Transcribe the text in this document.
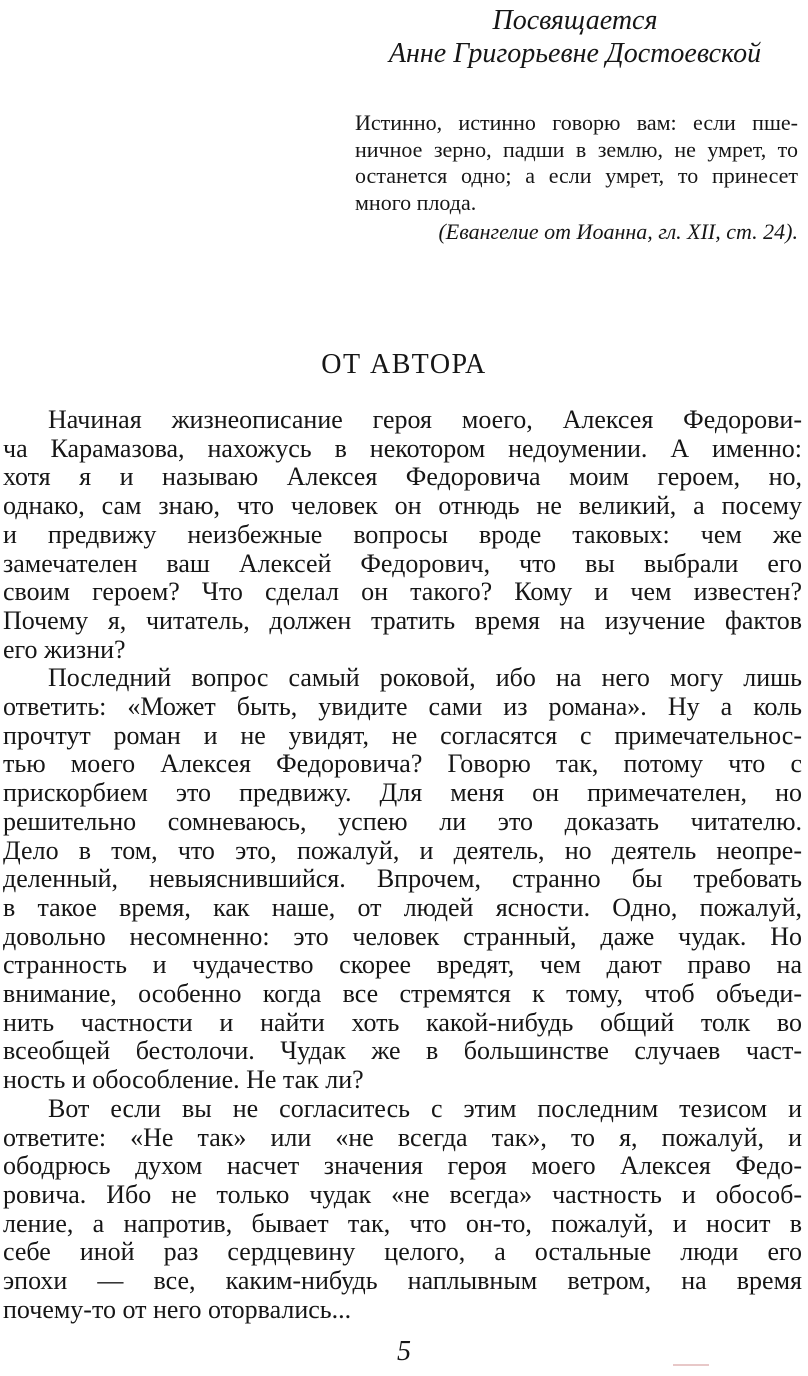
Посвящается
Анне Григорьевне Достоевской
Истинно, истинно говорю вам: если пше-
ничное зерно, падши в землю, не умрет, то
останется одно; а если умрет, то принесет
много плода.
(Евангелие от Иоанна, гл. XII, ст. 24).
ОТ АВТОРА
Начиная жизнеописание героя моего, Алексея Федорови-
ча Карамазова, нахожусь в некотором недоумении. А именно:
хотя я и называю Алексея Федоровича моим героем, но,
однако, сам знаю, что человек он отнюдь не великий, а посему
и предвижу неизбежные вопросы вроде таковых: чем же
замечателен ваш Алексей Федорович, что вы выбрали его
своим героем? Что сделал он такого? Кому и чем известен?
Почему я, читатель, должен тратить время на изучение фактов
его жизни?
Последний вопрос самый роковой, ибо на него могу лишь
ответить: «Может быть, увидите сами из романа». Ну а коль
прочтут роман и не увидят, не согласятся с примечательнос-
тью моего Алексея Федоровича? Говорю так, потому что с
прискорбием это предвижу. Для меня он примечателен, но
решительно сомневаюсь, успею ли это доказать читателю.
Дело в том, что это, пожалуй, и деятель, но деятель неопре-
деленный, невыяснившийся. Впрочем, странно бы требовать
в такое время, как наше, от людей ясности. Одно, пожалуй,
довольно несомненно: это человек странный, даже чудак. Но
странность и чудачество скорее вредят, чем дают право на
внимание, особенно когда все стремятся к тому, чтоб объеди-
нить частности и найти хоть какой-нибудь общий толк во
всеобщей бестолочи. Чудак же в большинстве случаев част-
ность и обособление. Не так ли?
Вот если вы не согласитесь с этим последним тезисом и
ответите: «Не так» или «не всегда так», то я, пожалуй, и
ободрюсь духом насчет значения героя моего Алексея Федо-
ровича. Ибо не только чудак «не всегда» частность и обособ-
ление, а напротив, бывает так, что он-то, пожалуй, и носит в
себе иной раз сердцевину целого, а остальные люди его
эпохи — все, каким-нибудь наплывным ветром, на время
почему-то от него оторвались...
5
